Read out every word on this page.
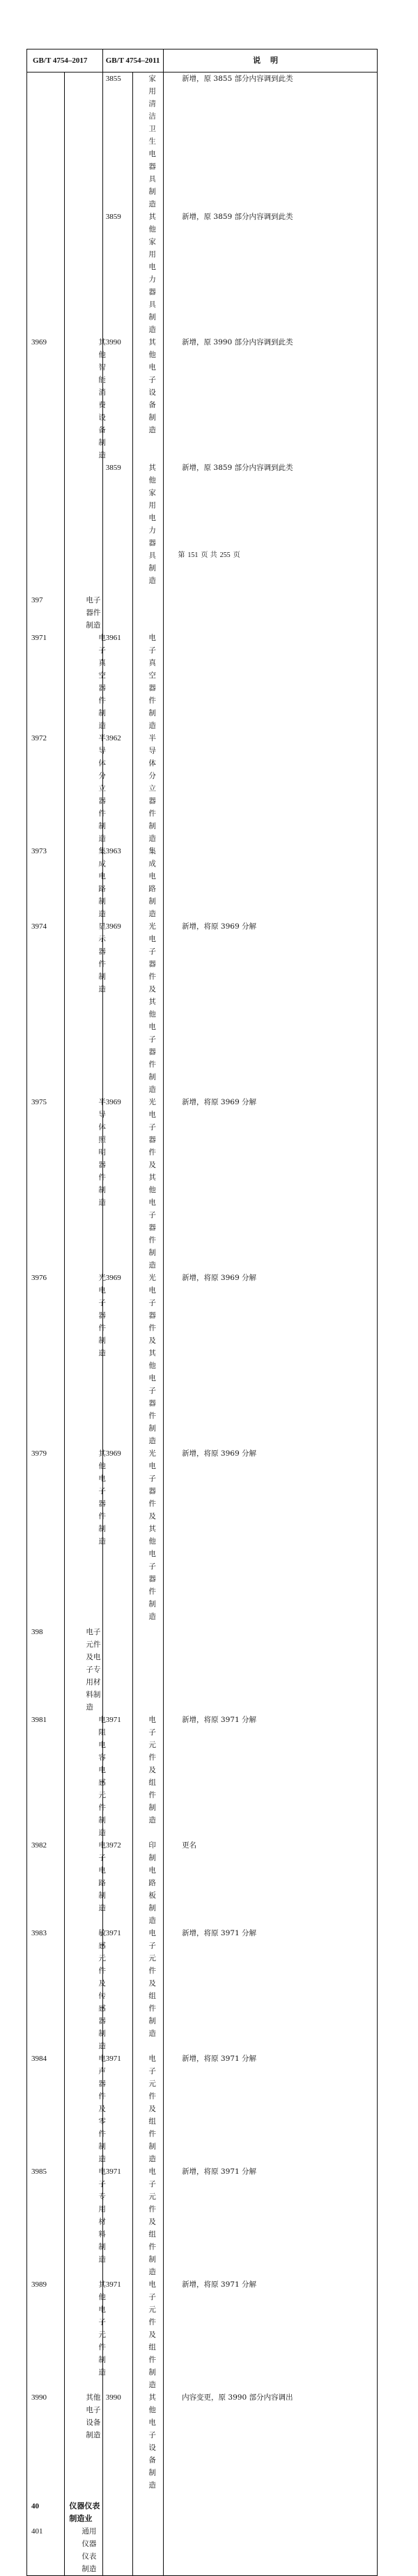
GB/T 4754–2017		GB/T 4754–2011		说明

	3855	家用清洁卫生电器具制造	新增，原 3855 部分内容调到此类

	3859	其他家用电力器具制造	新增，原 3859 部分内容调到此类

3969	其他智能消费设备制造	3990	其他电子设备制造	新增，原 3990 部分内容调到此类

	3859	其他家用电力器具制造	新增，原 3859 部分内容调到此类

397	电子器件制造			

3971	电子真空器件制造	3961	电子真空器件制造	

3972	半导体分立器件制造	3962	半导体分立器件制造	

3973	集成电路制造	3963	集成电路制造	

3974	显示器件制造	3969	光电子器件及其他电子器件制造	新增，将原 3969 分解

3975	半导体照明器件制造	3969	光电子器件及其他电子器件制造	新增，将原 3969 分解

3976	光电子器件制造	3969	光电子器件及其他电子器件制造	新增，将原 3969 分解

3979	其他电子器件制造	3969	光电子器件及其他电子器件制造	新增，将原 3969 分解

398	电子元件及电子专用材料制造			

3981	电阻电容电感元件制造	3971	电子元件及组件制造	新增，将原 3971 分解

3982	电子电路制造	3972	印制电路板制造	更名

3983	敏感元件及传感器制造	3971	电子元件及组件制造	新增，将原 3971 分解

3984	电声器件及零件制造	3971	电子元件及组件制造	新增，将原 3971 分解

3985	电子专用材料制造	3971	电子元件及组件制造	新增，将原 3971 分解

3989	其他电子元件制造	3971	电子元件及组件制造	新增，将原 3971 分解

3990	其他电子设备制造	3990	其他电子设备制造	内容变更，原 3990 部分内容调出

40	仪器仪表制造业			

401	通用仪器仪表制造			

第 151 页 共 255 页
